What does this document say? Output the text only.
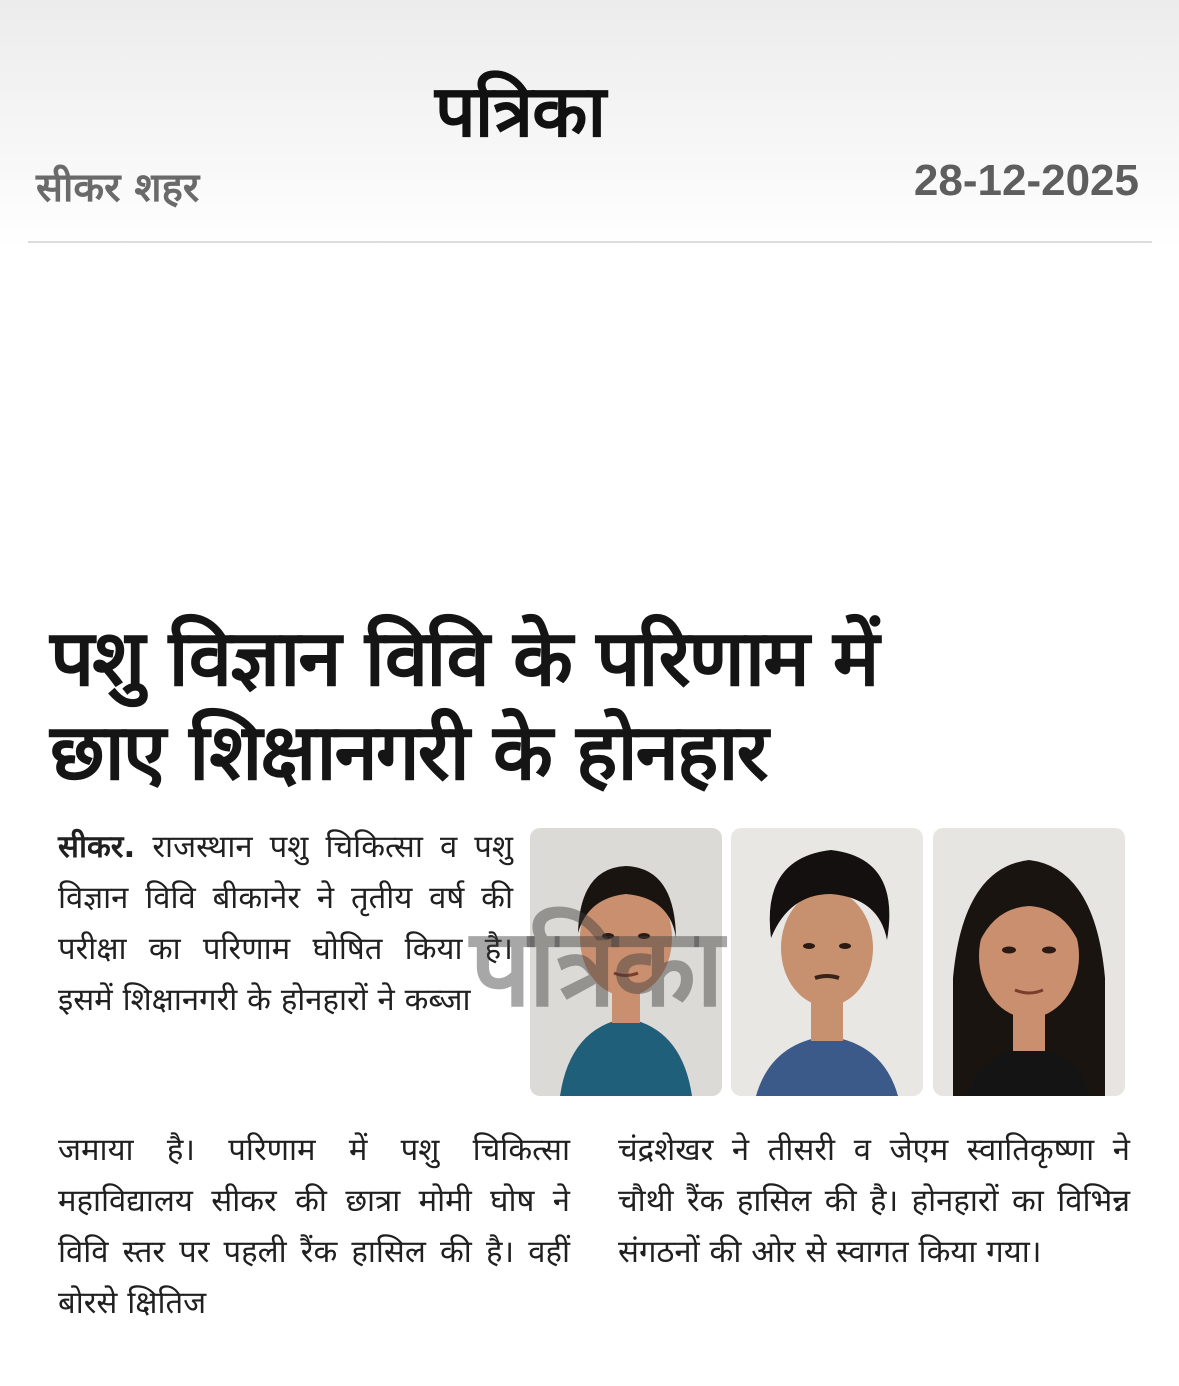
पत्रिका
सीकर शहर	28-12-2025
पशु विज्ञान विवि के परिणाम में
छाए शिक्षानगरी के होनहार
सीकर. राजस्थान पशु चिकित्सा व पशु विज्ञान विवि बीकानेर ने तृतीय वर्ष की परीक्षा का परिणाम घोषित किया है। इसमें शिक्षानगरी के होनहारों ने कब्जा पत्रिका
जमाया है। परिणाम में पशु चिकित्सा महाविद्यालय सीकर की छात्रा मोमी घोष ने विवि स्तर पर पहली रैंक हासिल की है। वहीं बोरसे क्षितिज
चंद्रशेखर ने तीसरी व जेएम स्वातिकृष्णा ने चौथी रैंक हासिल की है। होनहारों का विभिन्न संगठनों की ओर से स्वागत किया गया।
